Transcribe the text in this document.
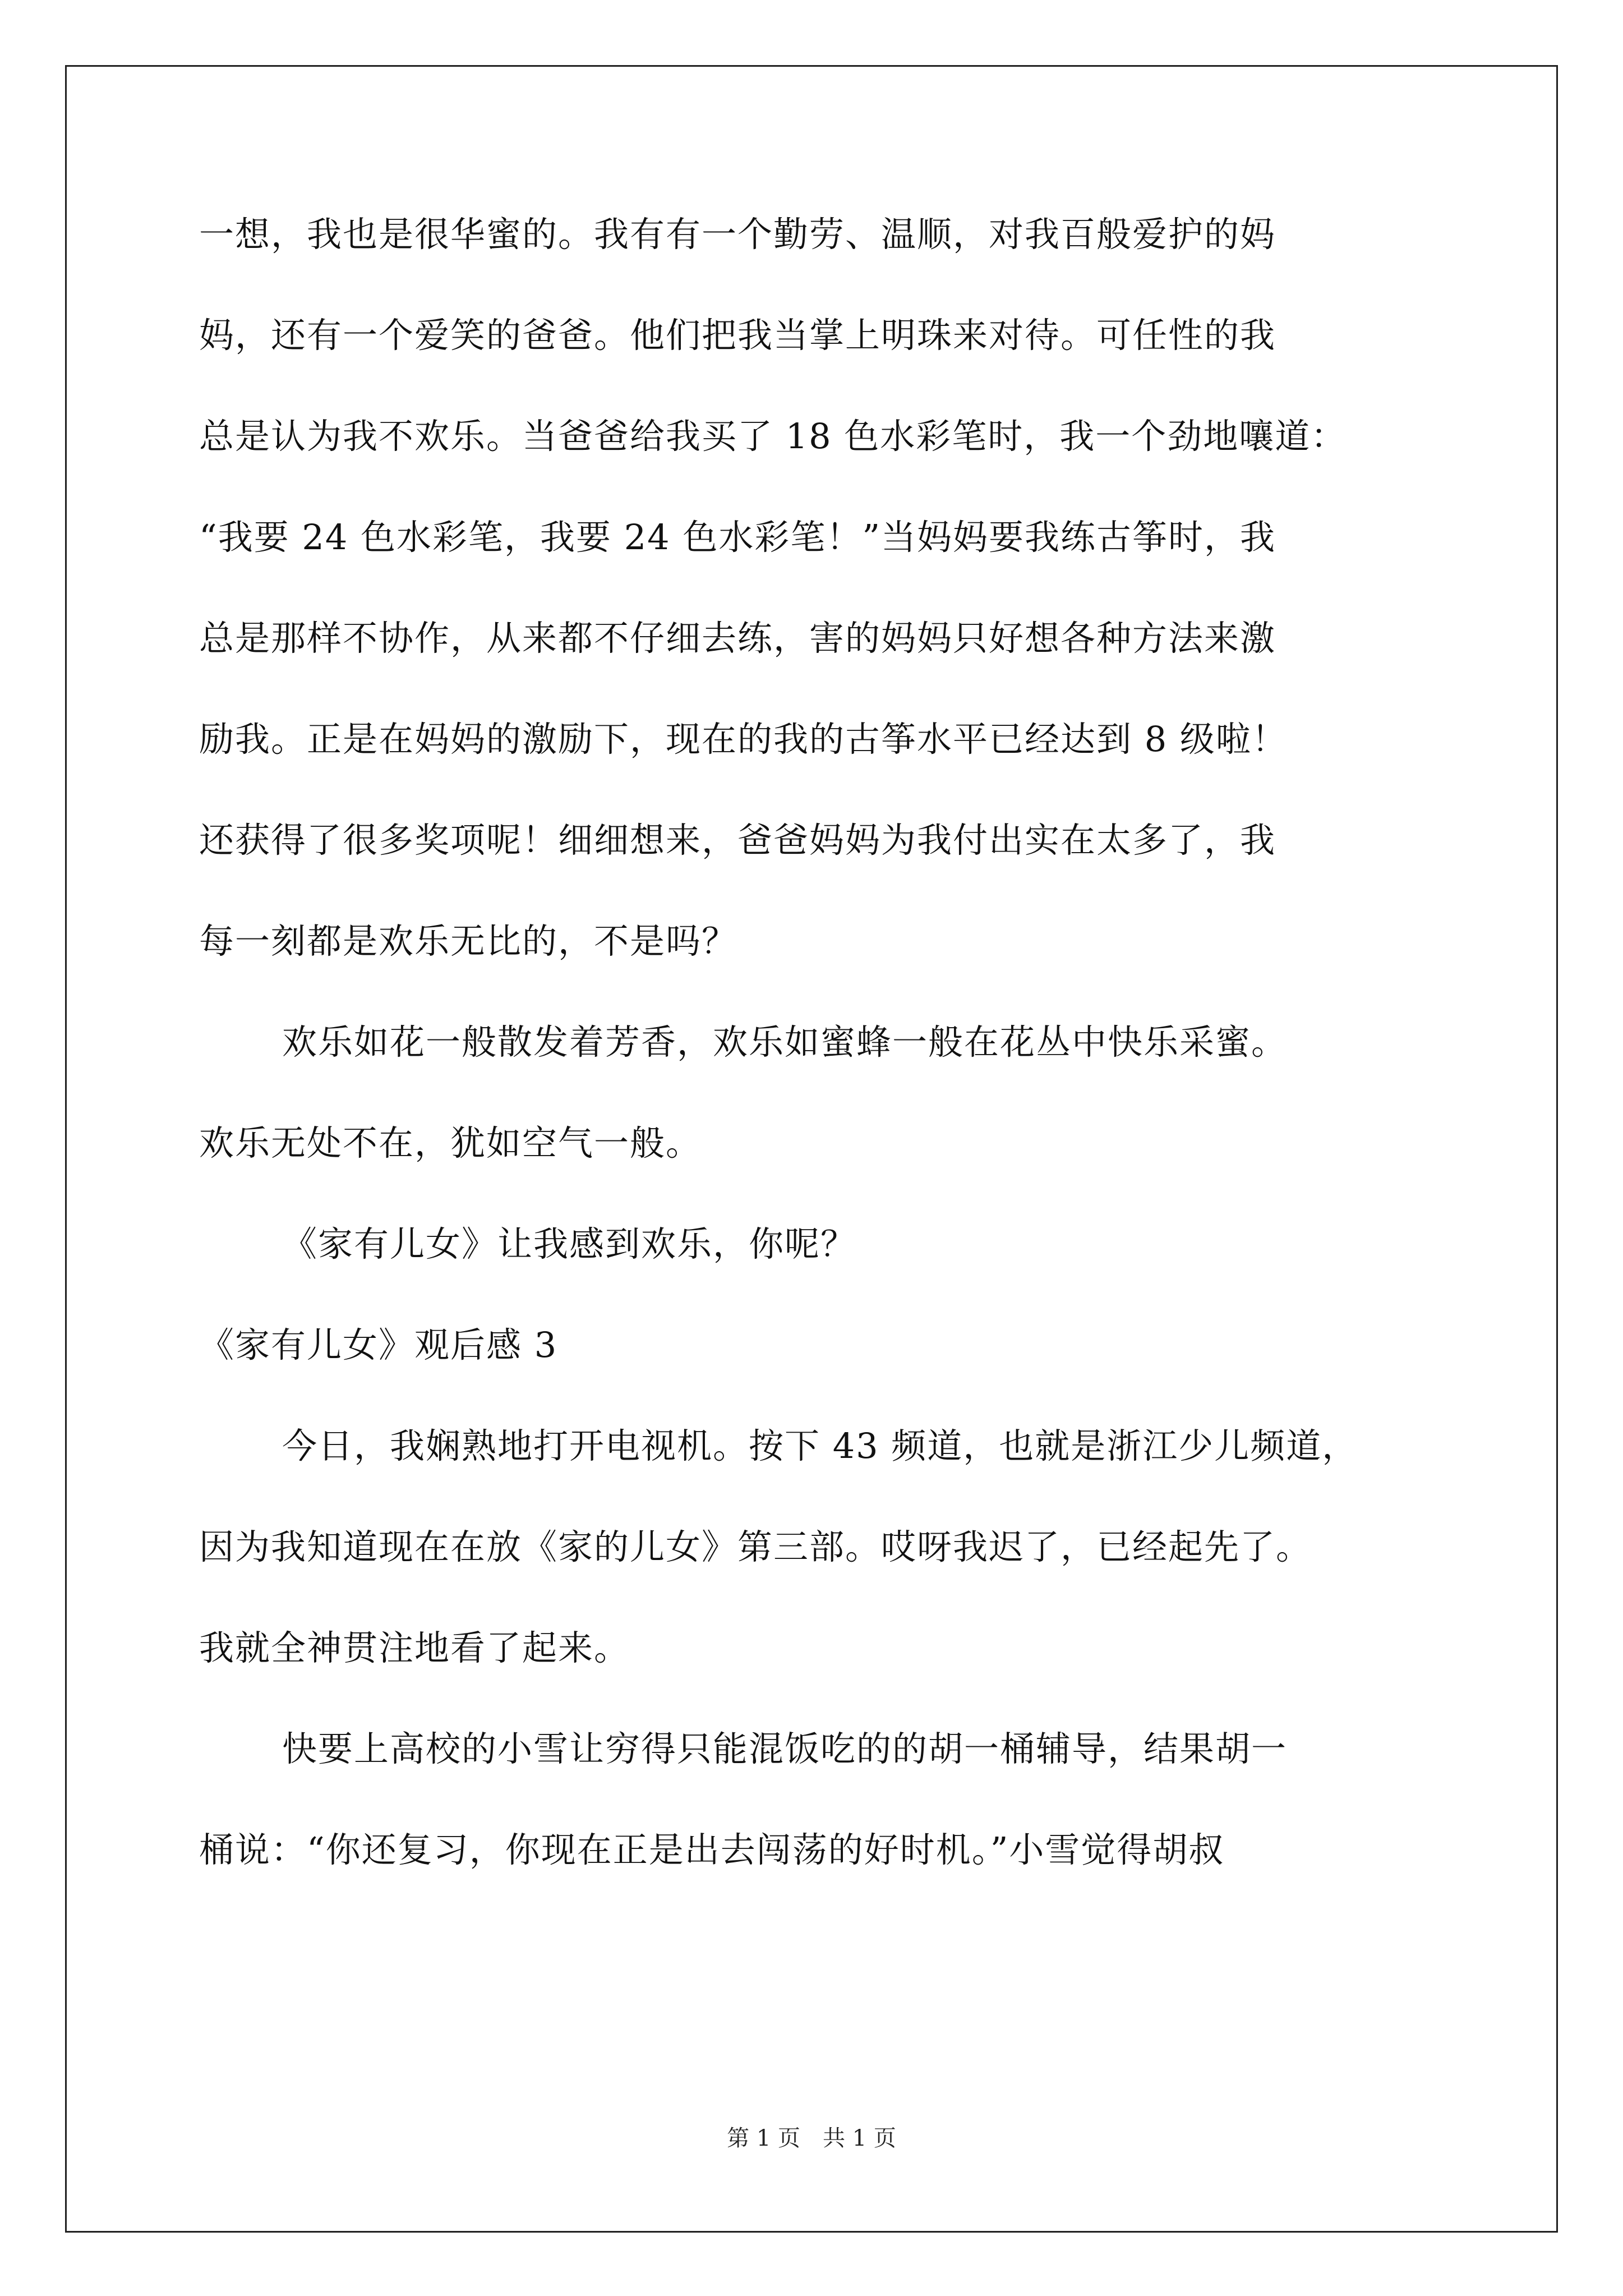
一想，我也是很华蜜的。我有有一个勤劳、温顺，对我百般爱护的妈
妈，还有一个爱笑的爸爸。他们把我当掌上明珠来对待。可任性的我
总是认为我不欢乐。当爸爸给我买了 18 色水彩笔时，我一个劲地嚷道：
“我要 24 色水彩笔，我要 24 色水彩笔！”当妈妈要我练古筝时，我
总是那样不协作，从来都不仔细去练，害的妈妈只好想各种方法来激
励我。正是在妈妈的激励下，现在的我的古筝水平已经达到 8 级啦！
还获得了很多奖项呢！细细想来，爸爸妈妈为我付出实在太多了，我
每一刻都是欢乐无比的，不是吗？
欢乐如花一般散发着芳香，欢乐如蜜蜂一般在花丛中快乐采蜜。
欢乐无处不在，犹如空气一般。
《家有儿女》让我感到欢乐，你呢？
《家有儿女》观后感 3
今日，我娴熟地打开电视机。按下 43 频道，也就是浙江少儿频道，
因为我知道现在在放《家的儿女》第三部。哎呀我迟了，已经起先了。
我就全神贯注地看了起来。
快要上高校的小雪让穷得只能混饭吃的的胡一桶辅导，结果胡一
桶说：“你还复习，你现在正是出去闯荡的好时机。”小雪觉得胡叔
第 1 页　共 1 页
